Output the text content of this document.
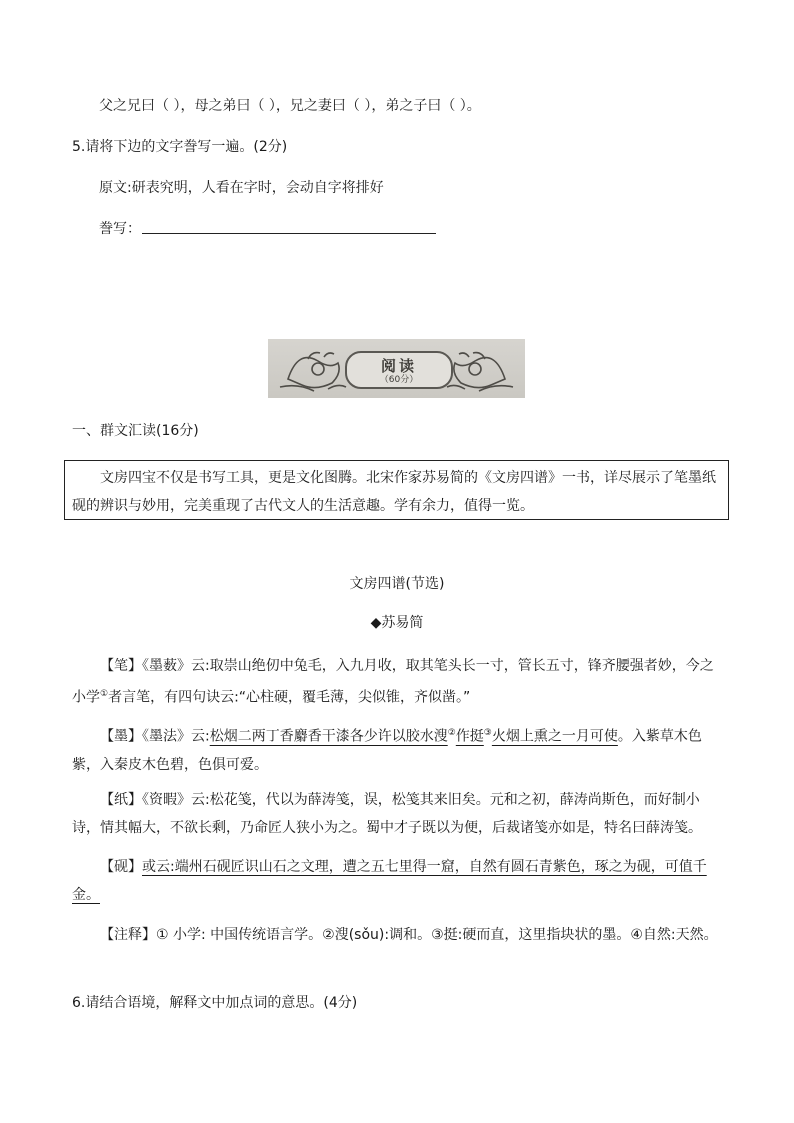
父之兄曰（ ），母之弟曰（ ），兄之妻曰（ ），弟之子曰（ ）。
5.请将下边的文字誊写一遍。(2分)
原文:研表究明，人看在字时，会动自字将排好
誊写：
阅读
（60分）
一、群文汇读(16分)

文房四宝不仅是书写工具，更是文化图腾。北宋作家苏易简的《文房四谱》一书，详尽展示了笔墨纸砚的辨识与妙用，完美重现了古代文人的生活意趣。学有余力，值得一览。

文房四谱(节选)
◆苏易简
【笔】《墨薮》云:取崇山绝仞中兔毛，入九月收，取其笔头长一寸，管长五寸，锋齐腰强者妙，今之小学①者言笔，有四句诀云:“心柱硬，覆毛薄，尖似锥，齐似凿。”
【墨】《墨法》云:松烟二两丁香麝香干漆各少许以胶水溲②作挺③火烟上熏之一月可使。入紫草木色紫，入秦皮木色碧，色俱可爱。
【纸】《资暇》云:松花笺，代以为薛涛笺，误，松笺其来旧矣。元和之初，薛涛尚斯色，而好制小诗，情其幅大，不欲长剩，乃命匠人狭小为之。蜀中才子既以为便，后裁诸笺亦如是，特名曰薛涛笺。
【砚】或云:端州石砚匠识山石之文理，遭之五七里得一窟，自然有圆石青紫色，琢之为砚，可值千金。
【注释】① 小学: 中国传统语言学。②溲(sǒu):调和。③挺:硬而直，这里指块状的墨。④自然:天然。
6.请结合语境，解释文中加点词的意思。(4分)
